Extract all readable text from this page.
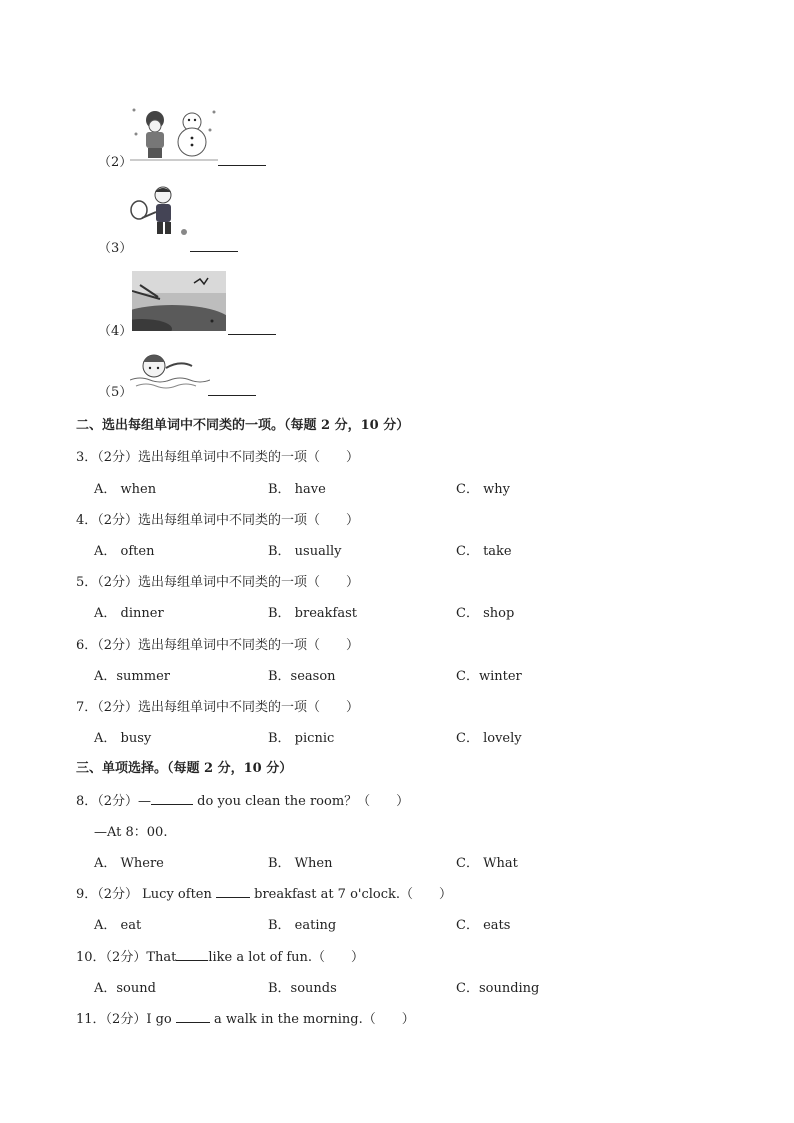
（2）
（3）
（4）
（5）
二、选出每组单词中不同类的一项。（每题 2 分，10 分）
3．（2分）选出每组单词中不同类的一项（　　）
A． when	B． have	C． why
4．（2分）选出每组单词中不同类的一项（　　）
A． often	B． usually	C． take
5．（2分）选出每组单词中不同类的一项（　　）
A． dinner	B． breakfast	C． shop
6．（2分）选出每组单词中不同类的一项（　　）
A．summer	B．season	C．winter
7．（2分）选出每组单词中不同类的一项（　　）
A． busy	B． picnic	C． lovely
三、单项选择。（每题 2 分，10 分）
8．（2分）—	do you clean the room？（　　）
—At 8：00.
A． Where	B． When	C． What
9．（2分） Lucy often	breakfast at 7 o'clock.（　　）
A． eat	B． eating	C． eats
10．（2分）That like a lot of fun.（　　）
A．sound	B．sounds	C．sounding
11．（2分）I go	a walk in the morning.（　　）
